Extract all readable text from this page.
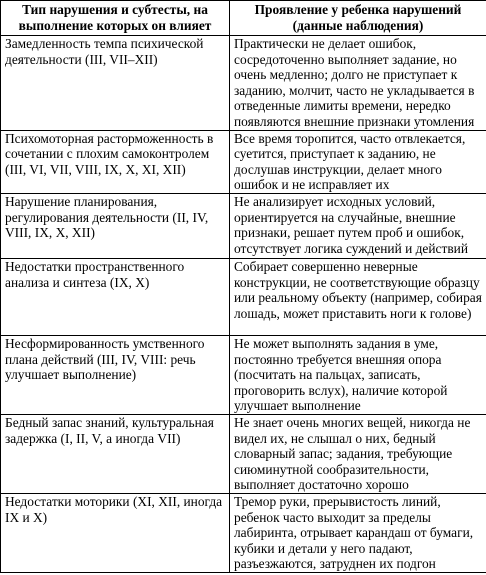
Тип нарушения и субтесты, на выполнение которых он влияет	Проявление у ребенка нарушений (данные наблюдения)
Замедленность темпа психической деятельности (III, VII–XII)	Практически не делает ошибок, сосредоточенно выполняет задание, но очень медленно; долго не приступает к заданию, молчит, часто не укладывается в отведенные лимиты времени, нередко появляются внешние признаки утомления
Психомоторная расторможенность в сочетании с плохим самоконтролем (III, VI, VII, VIII, IX, X, XI, XII)	Все время торопится, часто отвлекается, суетится, приступает к заданию, не дослушав инструкции, делает много ошибок и не исправляет их
Нарушение планирования, регулирования деятельности (II, IV, VIII, IX, X, XII)	Не анализирует исходных условий, ориентируется на случайные, внешние признаки, решает путем проб и ошибок, отсутствует логика суждений и действий
Недостатки пространственного анализа и синтеза (IX, X)	Собирает совершенно неверные конструкции, не соответствующие образцу или реальному объекту (например, собирая лошадь, может приставить ноги к голове)
Несформированность умственного плана действий (III, IV, VIII: речь улучшает выполнение)	Не может выполнять задания в уме, постоянно требуется внешняя опора (посчитать на пальцах, записать, проговорить вслух), наличие которой улучшает выполнение
Бедный запас знаний, культуральная задержка (I, II, V, а иногда VII)	Не знает очень многих вещей, никогда не видел их, не слышал о них, бедный словарный запас; задания, требующие сиюминутной сообразительности, выполняет достаточно хорошо
Недостатки моторики (XI, XII, иногда IX и X)	Тремор руки, прерывистость линий, ребенок часто выходит за пределы лабиринта, отрывает карандаш от бумаги, кубики и детали у него падают, разъезжаются, затруднен их подгон
